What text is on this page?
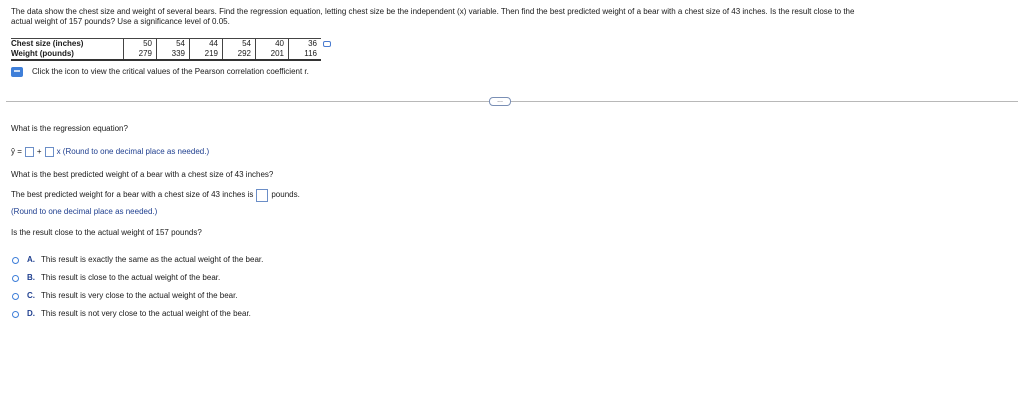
The data show the chest size and weight of several bears. Find the regression equation, letting chest size be the independent (x) variable. Then find the best predicted weight of a bear with a chest size of 43 inches. Is the result close to the
actual weight of 157 pounds? Use a significance level of 0.05.
Chest size (inches)	50	54	44	54	40	36	
Weight (pounds)	279	339	219	292	201	116	
Click the icon to view the critical values of the Pearson correlation coefficient r.
...
What is the regression equation?
ŷ = + x (Round to one decimal place as needed.)
What is the best predicted weight of a bear with a chest size of 43 inches?
The best predicted weight for a bear with a chest size of 43 inches is pounds.
(Round to one decimal place as needed.)
Is the result close to the actual weight of 157 pounds?
A. This result is exactly the same as the actual weight of the bear.
B. This result is close to the actual weight of the bear.
C. This result is very close to the actual weight of the bear.
D. This result is not very close to the actual weight of the bear.
